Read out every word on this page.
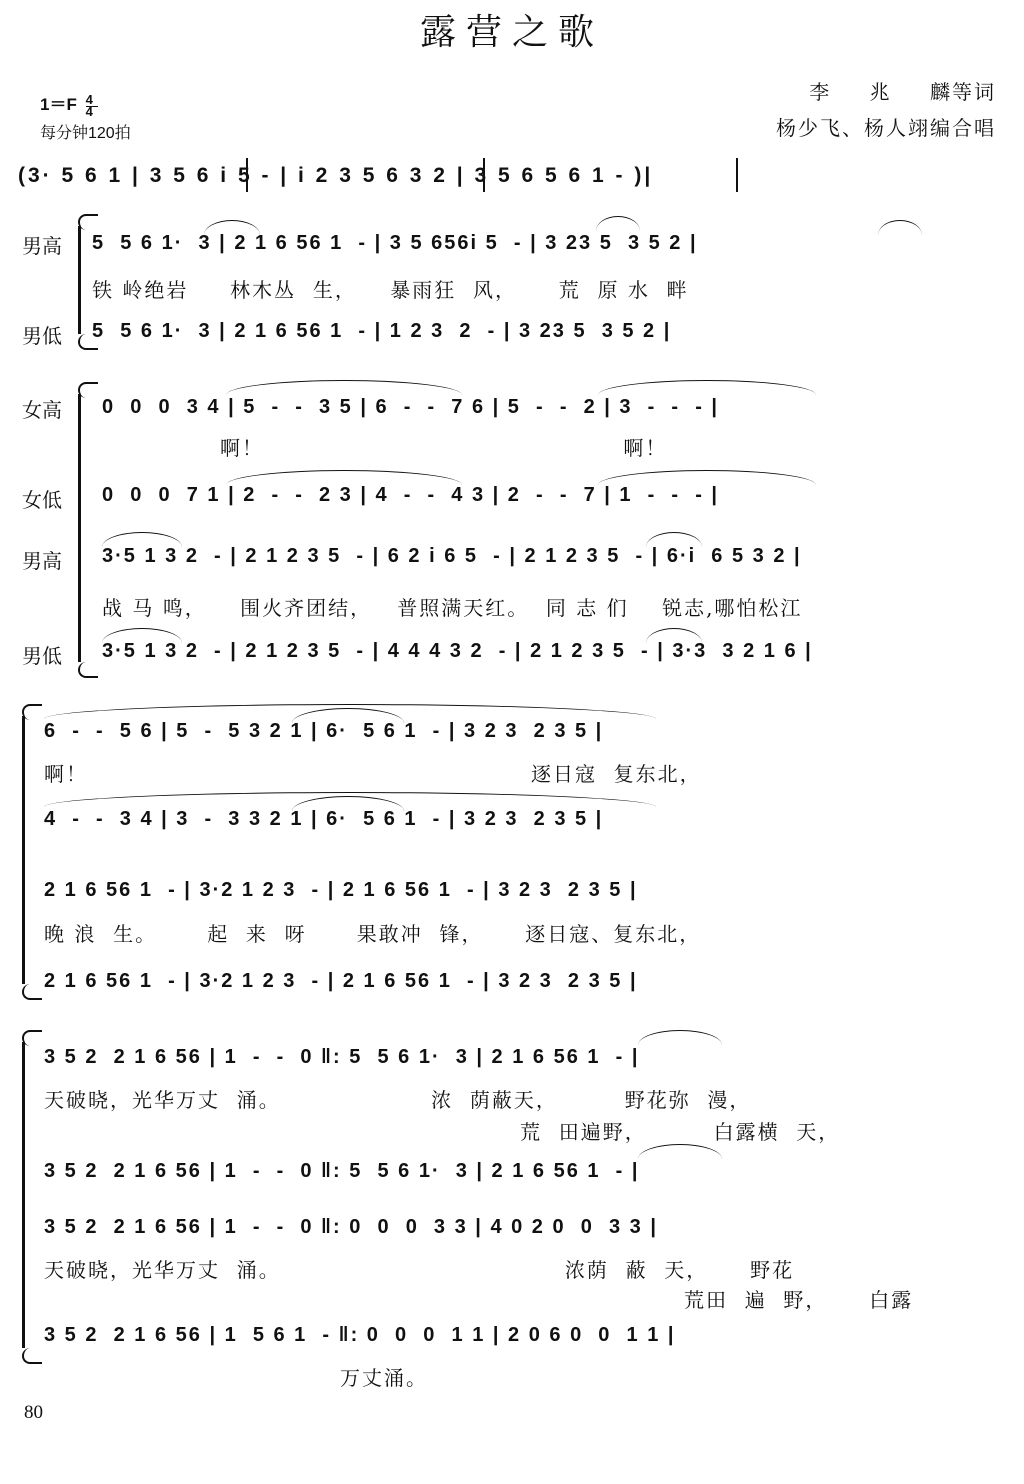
露营之歌
$1=F \frac{4}{4}$
每分钟120拍
李 兆 麟等词
杨少飞、杨人翊编合唱
(3· 5 6 1 | 3 5 6 i 5 - | i 2 3 5 6 3 2 | 3 5 6 5 6 1 - )|
男高
男低
5  5 6 1·  3 | 2 1 6 56 1  - | 3 5 656i 5  - | 3 23 5  3 5 2 |
铁 岭绝岩     林木丛  生，    暴雨狂  风，     荒  原 水  畔
5  5 6 1·  3 | 2 1 6 56 1  - | 1 2 3  2  - | 3 23 5  3 5 2 |
女高
女低
男高
男低
0  0  0  3 4 | 5  -  -  3 5 | 6  -  -  7 6 | 5  -  -  2 | 3  -  -  - |
啊！                                           啊！
0  0  0  7 1 | 2  -  -  2 3 | 4  -  -  4 3 | 2  -  -  7 | 1  -  -  - |
3·5 1 3 2  - | 2 1 2 3 5  - | 6 2 i 6 5  - | 2 1 2 3 5  - | 6·i  6 5 3 2 |
战 马 鸣，    围火齐团结，   普照满天红。  同 志 们    锐志,哪怕松江
3·5 1 3 2  - | 2 1 2 3 5  - | 4 4 4 3 2  - | 2 1 2 3 5  - | 3·3  3 2 1 6 |
6  -  -  5 6 | 5  -  5 3 2 1 | 6·  5 6 1  - | 3 2 3  2 3 5 |
啊！                                                     逐日寇  复东北，
4  -  -  3 4 | 3  -  3 3 2 1 | 6·  5 6 1  - | 3 2 3  2 3 5 |
2 1 6 56 1  - | 3·2 1 2 3  - | 2 1 6 56 1  - | 3 2 3  2 3 5 |
晚 浪  生。      起  来  呀      果敢冲  锋，     逐日寇、复东北，
2 1 6 56 1  - | 3·2 1 2 3  - | 2 1 6 56 1  - | 3 2 3  2 3 5 |
3 5 2  2 1 6 56 | 1  -  -  0 ‖: 5  5 6 1·  3 | 2 1 6 56 1  - |
天破晓，光华万丈  涌。                  浓  荫蔽天，        野花弥  漫，
荒  田遍野，        白露横  天，
3 5 2  2 1 6 56 | 1  -  -  0 ‖: 5  5 6 1·  3 | 2 1 6 56 1  - |
3 5 2  2 1 6 56 | 1  -  -  0 ‖: 0  0  0  3 3 | 4 0 2 0  0  3 3 |
天破晓，光华万丈  涌。                                  浓荫  蔽  天，     野花
荒田  遍  野，     白露
3 5 2  2 1 6 56 | 1  5 6 1  - ‖: 0  0  0  1 1 | 2 0 6 0  0  1 1 |
万丈涌。
80
